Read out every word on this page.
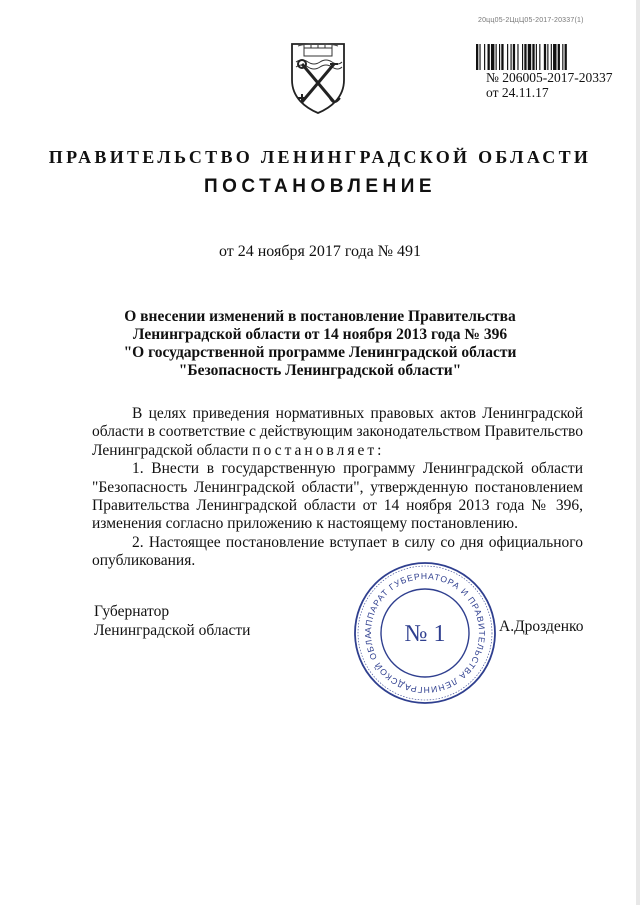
20цц05-2ЦцЦ05-2017-20337(1)
№ 206005-2017-20337
от 24.11.17
ПРАВИТЕЛЬСТВО ЛЕНИНГРАДСКОЙ ОБЛАСТИ
ПОСТАНОВЛЕНИЕ
от 24 ноября 2017 года № 491
О внесении изменений в постановление Правительства
Ленинградской области от 14 ноября 2013 года № 396
"О государственной программе Ленинградской области
"Безопасность Ленинградской области"
В целях приведения нормативных правовых актов Ленинградской
области в соответствие с действующим законодательством Правительство
Ленинградской области постановляет:
1. Внести в государственную программу Ленинградской области
"Безопасность Ленинградской области", утвержденную постановлением
Правительства Ленинградской области от 14 ноября 2013 года № 396,
изменения согласно приложению к настоящему постановлению.
2. Настоящее постановление вступает в силу со дня официального
опубликования.
Губернатор
Ленинградской области	АППАРАТ ГУБЕРНАТОРА И ПРАВИТЕЛЬСТВА ЛЕНИНГРАДСКОЙ ОБЛА	№ 1	А.Дрозденко
